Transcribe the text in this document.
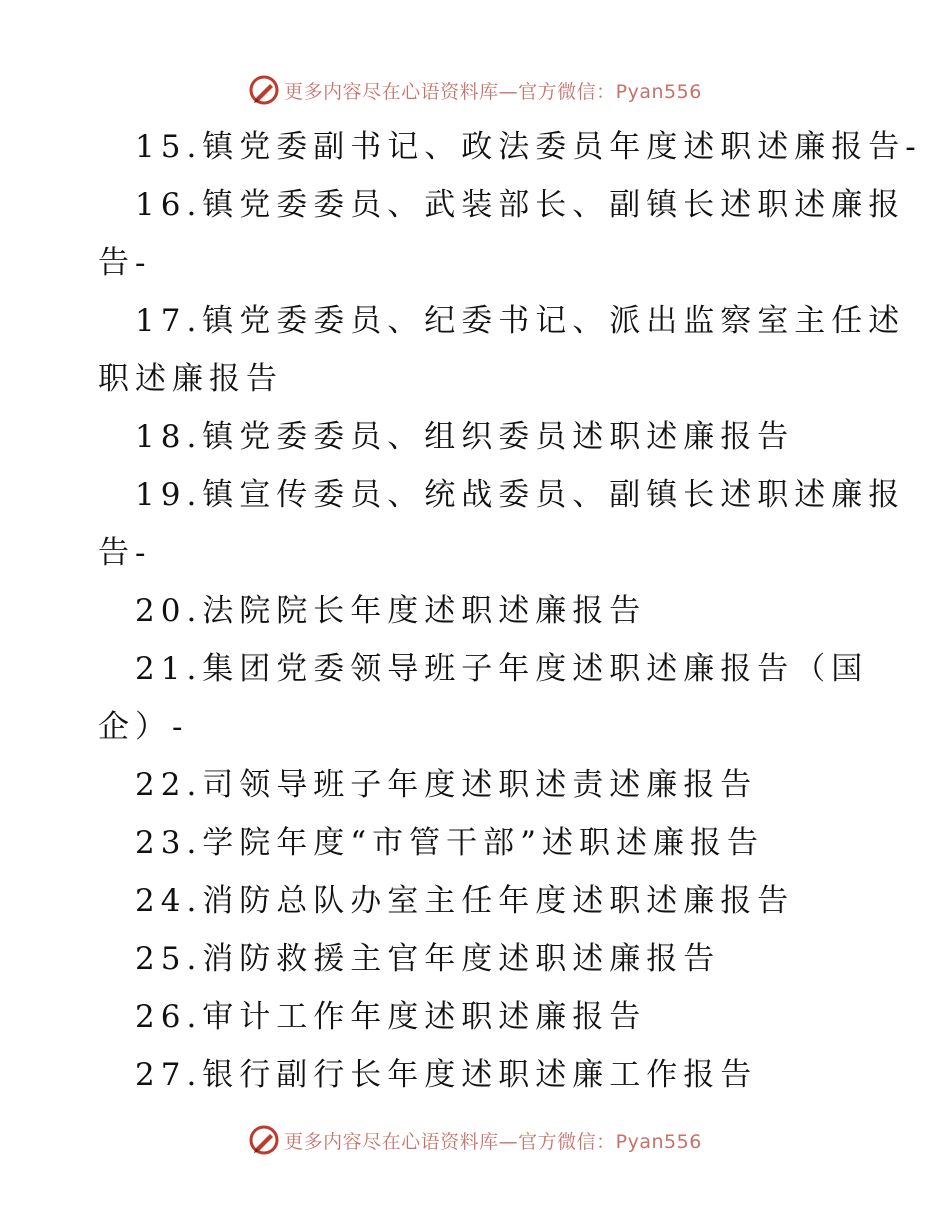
更多内容尽在心语资料库—官方微信：Pyan556
15.镇党委副书记、政法委员年度述职述廉报告-
16.镇党委委员、武装部长、副镇长述职述廉报
告-
17.镇党委委员、纪委书记、派出监察室主任述
职述廉报告
18.镇党委委员、组织委员述职述廉报告
19.镇宣传委员、统战委员、副镇长述职述廉报
告-
20.法院院长年度述职述廉报告
21.集团党委领导班子年度述职述廉报告（国
企）-
22.司领导班子年度述职述责述廉报告
23.学院年度“市管干部”述职述廉报告
24.消防总队办室主任年度述职述廉报告
25.消防救援主官年度述职述廉报告
26.审计工作年度述职述廉报告
27.银行副行长年度述职述廉工作报告
更多内容尽在心语资料库—官方微信：Pyan556
